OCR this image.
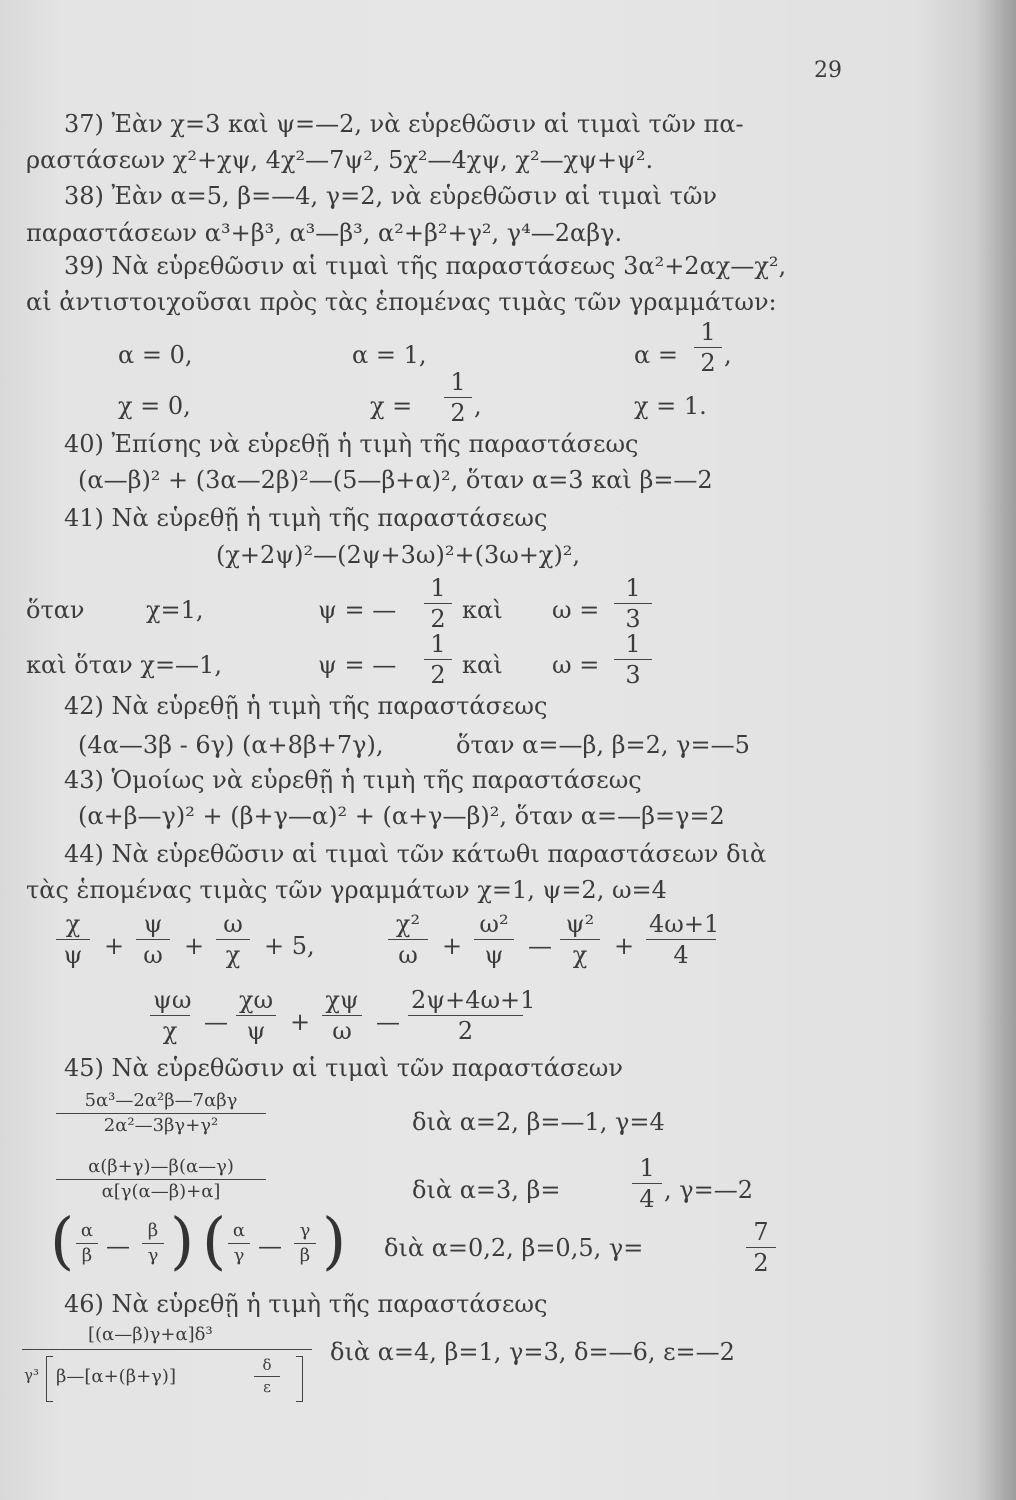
29
37) Ἐὰν χ=3 καὶ ψ=—2, νὰ εὑρεθῶσιν αἱ τιμαὶ τῶν πα-
ραστάσεων χ²+χψ, 4χ²—7ψ², 5χ²—4χψ, χ²—χψ+ψ².
38) Ἐὰν α=5, β=—4, γ=2, νὰ εὑρεθῶσιν αἱ τιμαὶ τῶν
παραστάσεων α³+β³, α³—β³, α²+β²+γ², γ⁴—2αβγ.
39) Νὰ εὑρεθῶσιν αἱ τιμαὶ τῆς παραστάσεως 3α²+2αχ—χ²,
αἱ ἀντιστοιχοῦσαι πρὸς τὰς ἑπομένας τιμὰς τῶν γραμμάτων:
α = 0,	α = 1,	$\alpha = \frac{1}{2}$ ,
χ = 0,	$\chi = \frac{1}{2}$ ,	χ = 1.
40) Ἐπίσης νὰ εὑρεθῇ ἡ τιμὴ τῆς παραστάσεως
(α—β)² + (3α—2β)²—(5—β+α)², ὅταν α=3 καὶ β=—2
41) Νὰ εὑρεθῇ ἡ τιμὴ τῆς παραστάσεως
(χ+2ψ)²—(2ψ+3ω)²+(3ω+χ)²,
ὅταν	χ=1,	ψ = — $\frac{1}{2}$ καὶ $\omega = \frac{1}{3}$
καὶ ὅταν χ=—1,	ψ = — $\frac{1}{2}$ καὶ $\omega = \frac{1}{3}$
42) Νὰ εὑρεθῇ ἡ τιμὴ τῆς παραστάσεως
(4α—3β - 6γ) (α+8β+7γ),	ὅταν α=—β, β=2, γ=—5
43) Ὁμοίως νὰ εὑρεθῇ ἡ τιμὴ τῆς παραστάσεως
(α+β—γ)² + (β+γ—α)² + (α+γ—β)², ὅταν α=—β=γ=2
44) Νὰ εὑρεθῶσιν αἱ τιμαὶ τῶν κάτωθι παραστάσεων διὰ
τὰς ἑπομένας τιμὰς τῶν γραμμάτων χ=1, ψ=2, ω=4
$\frac{\chi}{\psi} + \frac{\psi}{\omega} + \frac{\omega}{\chi} + 5$,	$\frac{\text{χ²}}{\omega} + \frac{\text{ω²}}{\psi}$ — $\frac{\text{ψ²}}{\chi} + \frac{4\omega+1}{4}$
$\frac{\psi\omega}{\chi}$ — $\frac{\chi\omega}{\psi} + \frac{\chi\psi}{\omega}$ — $\frac{2\psi+4\omega+1}{2}$
45) Νὰ εὑρεθῶσιν αἱ τιμαὶ τῶν παραστάσεων
5α³—2α²β—7αβγ
2α²—3βγ+γ²	διὰ α=2, β=—1, γ=4
$\frac{\alpha(\beta+\gamma)—\beta(\alpha—\gamma)}{\alpha[\gamma(\alpha—\beta)+\alpha]}$	διὰ α=3, β=	$\frac{1}{4}$ , γ=—2
( $\frac{\alpha}{\beta}$ — $\frac{\beta}{\gamma}$ ) ( $\frac{\alpha}{\gamma}$ — $\frac{\gamma}{\beta}$ ) διὰ α=0,2, β=0,5, γ=	$\frac{7}{2}$
46) Νὰ εὑρεθῇ ἡ τιμὴ τῆς παραστάσεως
[(α—β)γ+α]δ³
γ³ β—[α+(β+γ)]	$\frac{\delta}{\varepsilon}$
διὰ α=4, β=1, γ=3, δ=—6, ε=—2
